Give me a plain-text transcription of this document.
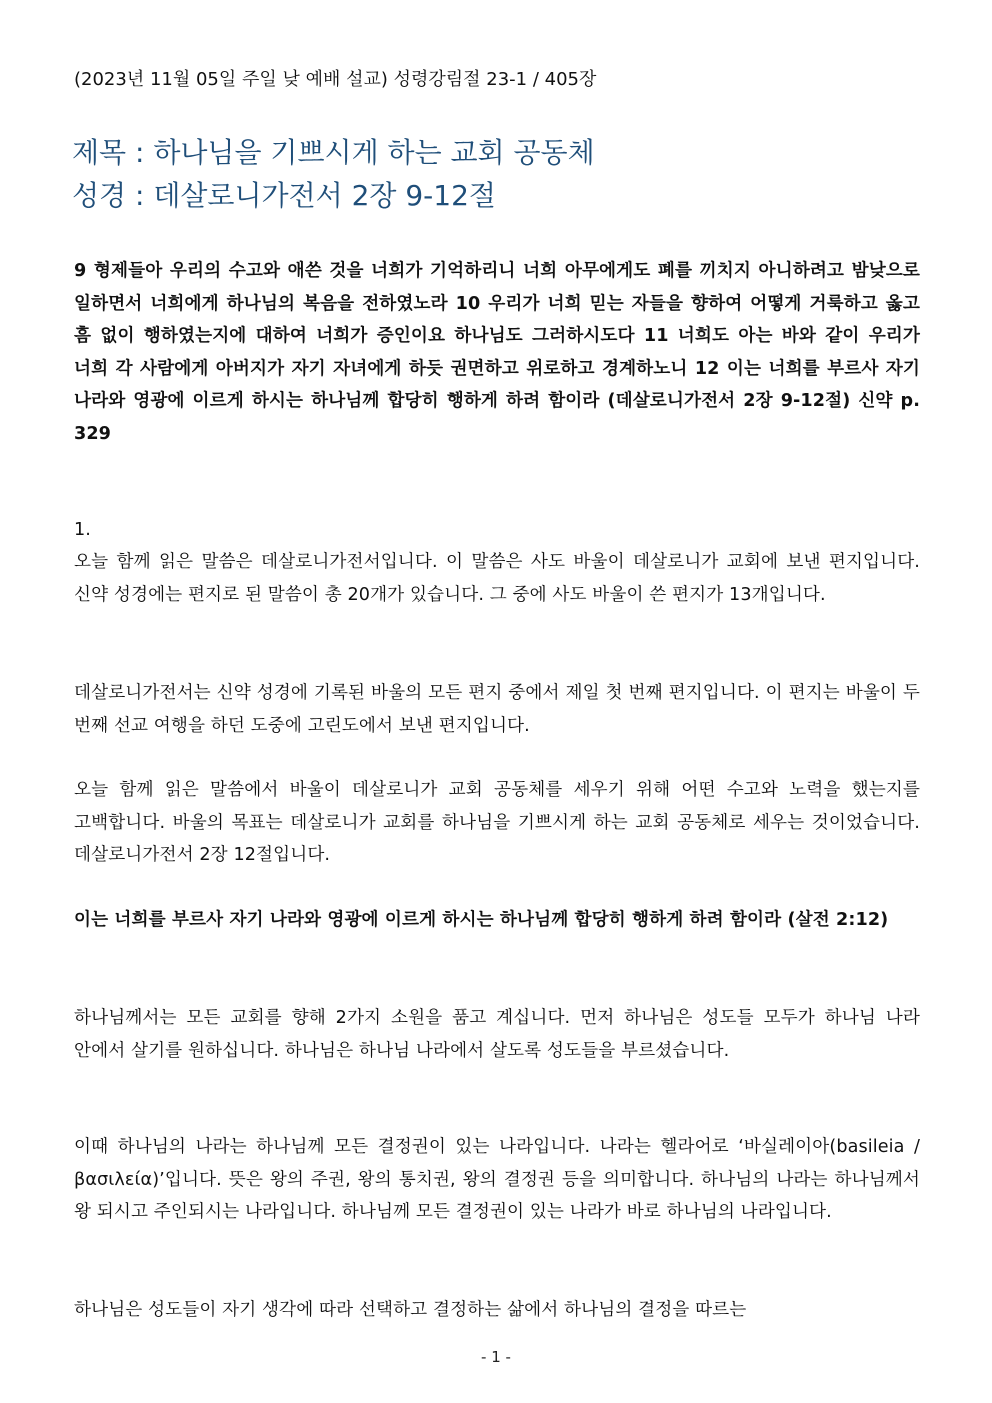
(2023년 11월 05일 주일 낮 예배 설교) 성령강림절 23-1 / 405장
제목 : 하나님을 기쁘시게 하는 교회 공동체
성경 : 데살로니가전서 2장 9-12절
9 형제들아 우리의 수고와 애쓴 것을 너희가 기억하리니 너희 아무에게도 폐를 끼치지 아니하려고 밤낮으로 일하면서 너희에게 하나님의 복음을 전하였노라 10 우리가 너희 믿는 자들을 향하여 어떻게 거룩하고 옳고 흠 없이 행하였는지에 대하여 너희가 증인이요 하나님도 그러하시도다 11 너희도 아는 바와 같이 우리가 너희 각 사람에게 아버지가 자기 자녀에게 하듯 권면하고 위로하고 경계하노니 12 이는 너희를 부르사 자기 나라와 영광에 이르게 하시는 하나님께 합당히 행하게 하려 함이라 (데살로니가전서 2장 9-12절) 신약 p. 329
1.
오늘 함께 읽은 말씀은 데살로니가전서입니다. 이 말씀은 사도 바울이 데살로니가 교회에 보낸 편지입니다. 신약 성경에는 편지로 된 말씀이 총 20개가 있습니다. 그 중에 사도 바울이 쓴 편지가 13개입니다.
데살로니가전서는 신약 성경에 기록된 바울의 모든 편지 중에서 제일 첫 번째 편지입니다. 이 편지는 바울이 두 번째 선교 여행을 하던 도중에 고린도에서 보낸 편지입니다.
오늘 함께 읽은 말씀에서 바울이 데살로니가 교회 공동체를 세우기 위해 어떤 수고와 노력을 했는지를 고백합니다. 바울의 목표는 데살로니가 교회를 하나님을 기쁘시게 하는 교회 공동체로 세우는 것이었습니다. 데살로니가전서 2장 12절입니다.
이는 너희를 부르사 자기 나라와 영광에 이르게 하시는 하나님께 합당히 행하게 하려 함이라 (살전 2:12)
하나님께서는 모든 교회를 향해 2가지 소원을 품고 계십니다. 먼저 하나님은 성도들 모두가 하나님 나라 안에서 살기를 원하십니다. 하나님은 하나님 나라에서 살도록 성도들을 부르셨습니다.
이때 하나님의 나라는 하나님께 모든 결정권이 있는 나라입니다. 나라는 헬라어로 ‘바실레이아(basileia / βασιλεία)’입니다. 뜻은 왕의 주권, 왕의 통치권, 왕의 결정권 등을 의미합니다. 하나님의 나라는 하나님께서 왕 되시고 주인되시는 나라입니다. 하나님께 모든 결정권이 있는 나라가 바로 하나님의 나라입니다.
하나님은 성도들이 자기 생각에 따라 선택하고 결정하는 삶에서 하나님의 결정을 따르는
- 1 -
